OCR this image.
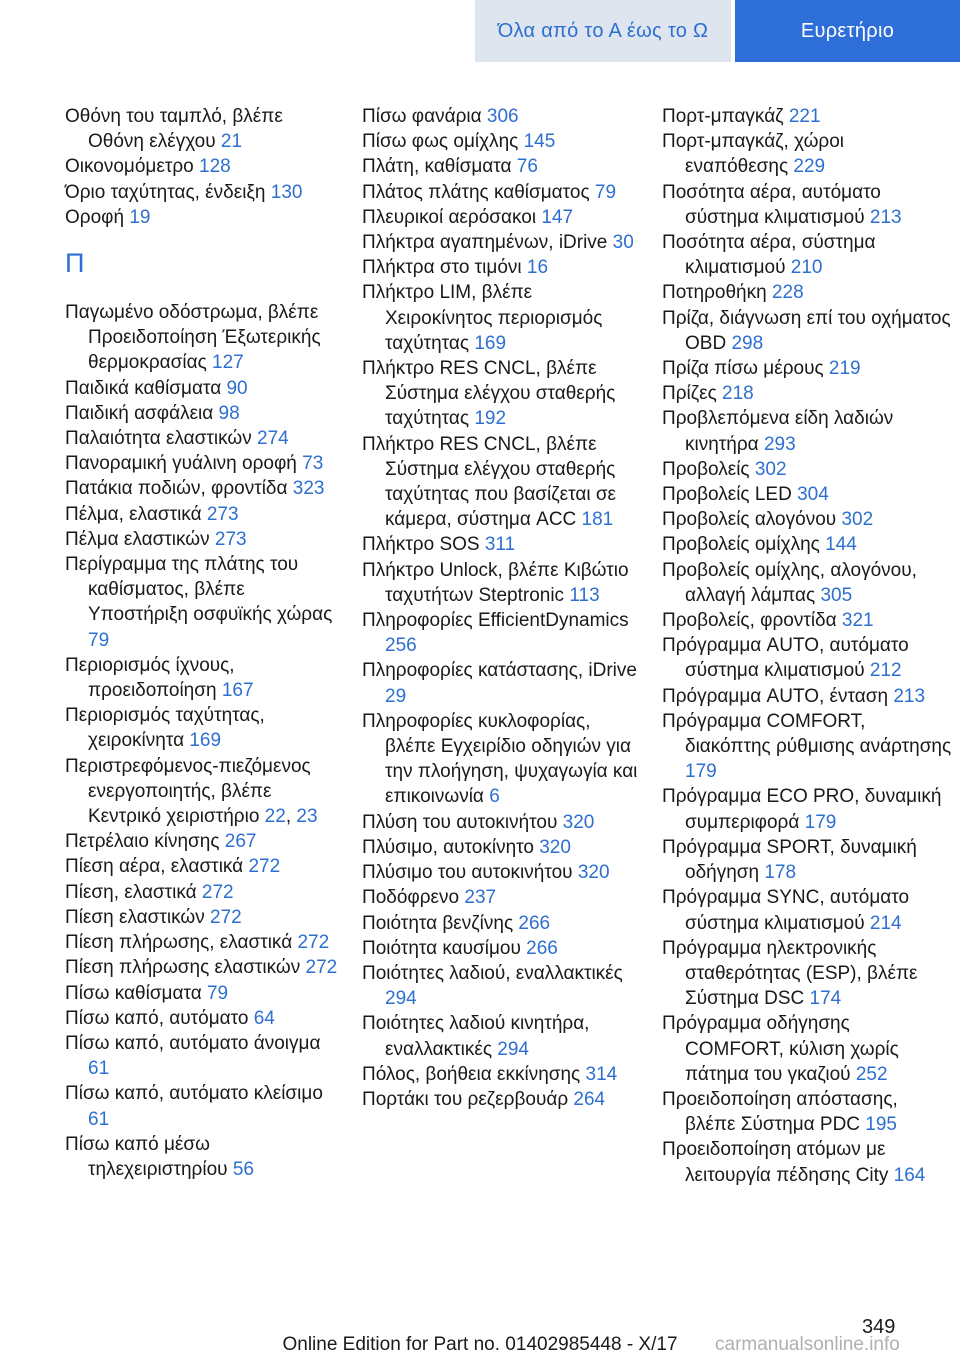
Όλα από το Α έως το Ω	Ευρετήριο
Οθόνη του ταμπλό, βλέπε Οθόνη ελέγχου 21
Οικονομόμετρο 128
Όριο ταχύτητας, ένδειξη 130
Οροφή 19
Π
Παγωμένο οδόστρωμα, βλέπε Προειδοποίηση Έξωτερικής θερμοκρασίας 127
Παιδικά καθίσματα 90
Παιδική ασφάλεια 98
Παλαιότητα ελαστικών 274
Πανοραμική γυάλινη οροφή 73
Πατάκια ποδιών, φροντίδα 323
Πέλμα, ελαστικά 273
Πέλμα ελαστικών 273
Περίγραμμα της πλάτης του καθίσματος, βλέπε Υποστήριξη οσφυϊκής χώρας 79
Περιορισμός ίχνους, προειδοποίηση 167
Περιορισμός ταχύτητας, χειροκίνητα 169
Περιστρεφόμενος-πιεζόμενος ενεργοποιητής, βλέπε Κεντρικό χειριστήριο 22, 23
Πετρέλαιο κίνησης 267
Πίεση αέρα, ελαστικά 272
Πίεση, ελαστικά 272
Πίεση ελαστικών 272
Πίεση πλήρωσης, ελαστικά 272
Πίεση πλήρωσης ελαστικών 272
Πίσω καθίσματα 79
Πίσω καπό, αυτόματο 64
Πίσω καπό, αυτόματο άνοιγμα 61
Πίσω καπό, αυτόματο κλείσιμο 61
Πίσω καπό μέσω τηλεχειριστηρίου 56
Πίσω φανάρια 306
Πίσω φως ομίχλης 145
Πλάτη, καθίσματα 76
Πλάτος πλάτης καθίσματος 79
Πλευρικοί αερόσακοι 147
Πλήκτρα αγαπημένων, iDrive 30
Πλήκτρα στο τιμόνι 16
Πλήκτρο LIM, βλέπε Χειροκίνητος περιορισμός ταχύτητας 169
Πλήκτρο RES CNCL, βλέπε Σύστημα ελέγχου σταθερής ταχύτητας 192
Πλήκτρο RES CNCL, βλέπε Σύστημα ελέγχου σταθερής ταχύτητας που βασίζεται σε κάμερα, σύστημα ACC 181
Πλήκτρο SOS 311
Πλήκτρο Unlock, βλέπε Κιβώτιο ταχυτήτων Steptronic 113
Πληροφορίες EfficientDynamics 256
Πληροφορίες κατάστασης, iDrive 29
Πληροφορίες κυκλοφορίας, βλέπε Εγχειρίδιο οδηγιών για την πλοήγηση, ψυχαγωγία και επικοινωνία 6
Πλύση του αυτοκινήτου 320
Πλύσιμο, αυτοκίνητο 320
Πλύσιμο του αυτοκινήτου 320
Ποδόφρενο 237
Ποιότητα βενζίνης 266
Ποιότητα καυσίμου 266
Ποιότητες λαδιού, εναλλακτικές 294
Ποιότητες λαδιού κινητήρα, εναλλακτικές 294
Πόλος, βοήθεια εκκίνησης 314
Πορτάκι του ρεζερβουάρ 264
Πορτ-μπαγκάζ 221
Πορτ-μπαγκάζ, χώροι εναπόθεσης 229
Ποσότητα αέρα, αυτόματο σύστημα κλιματισμού 213
Ποσότητα αέρα, σύστημα κλιματισμού 210
Ποτηροθήκη 228
Πρίζα, διάγνωση επί του οχήματος OBD 298
Πρίζα πίσω μέρους 219
Πρίζες 218
Προβλεπόμενα είδη λαδιών κινητήρα 293
Προβολείς 302
Προβολείς LED 304
Προβολείς αλογόνου 302
Προβολείς ομίχλης 144
Προβολείς ομίχλης, αλογόνου, αλλαγή λάμπας 305
Προβολείς, φροντίδα 321
Πρόγραμμα AUTO, αυτόματο σύστημα κλιματισμού 212
Πρόγραμμα AUTO, ένταση 213
Πρόγραμμα COMFORT, διακόπτης ρύθμισης ανάρτησης 179
Πρόγραμμα ECO PRO, δυναμική συμπεριφορά 179
Πρόγραμμα SPORT, δυναμική οδήγηση 178
Πρόγραμμα SYNC, αυτόματο σύστημα κλιματισμού 214
Πρόγραμμα ηλεκτρονικής σταθερότητας (ESP), βλέπε Σύστημα DSC 174
Πρόγραμμα οδήγησης COMFORT, κύλιση χωρίς πάτημα του γκαζιού 252
Προειδοποίηση απόστασης, βλέπε Σύστημα PDC 195
Προειδοποίηση ατόμων με λειτουργία πέδησης City 164
349
Online Edition for Part no. 01402985448 - X/17	carmanualsonline.info
